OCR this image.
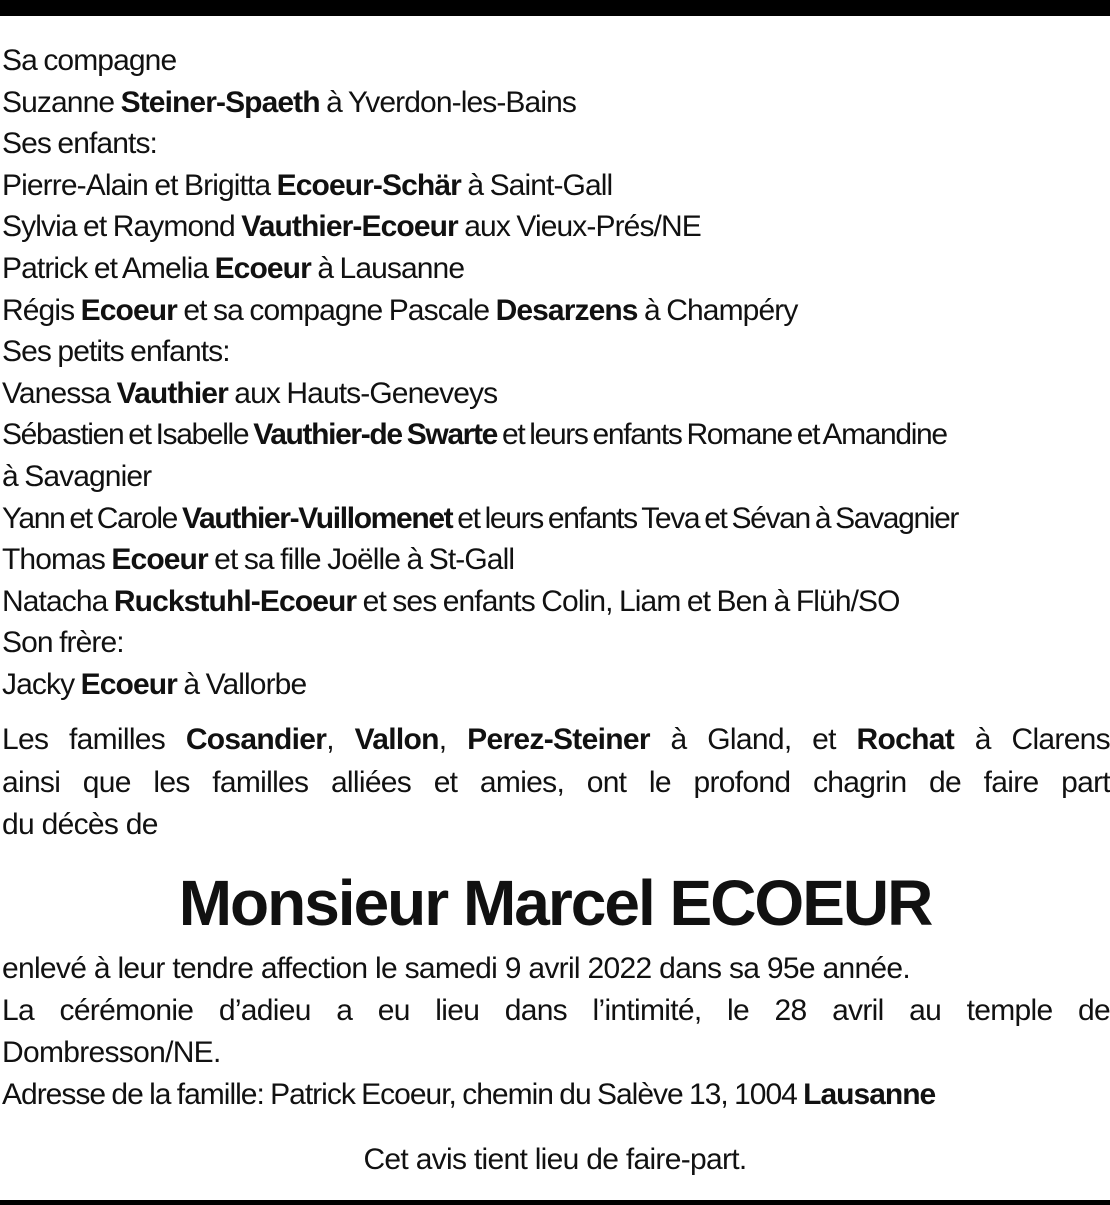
Sa compagne
Suzanne Steiner-Spaeth à Yverdon-les-Bains
Ses enfants:
Pierre-Alain et Brigitta Ecoeur-Schär à Saint-Gall
Sylvia et Raymond Vauthier-Ecoeur aux Vieux-Prés/NE
Patrick et Amelia Ecoeur à Lausanne
Régis Ecoeur et sa compagne Pascale Desarzens à Champéry
Ses petits enfants:
Vanessa Vauthier aux Hauts-Geneveys
Sébastien et Isabelle Vauthier-de Swarte et leurs enfants Romane et Amandine
à Savagnier
Yann et Carole Vauthier-Vuillomenet et leurs enfants Teva et Sévan à Savagnier
Thomas Ecoeur et sa fille Joëlle à St-Gall
Natacha Ruckstuhl-Ecoeur et ses enfants Colin, Liam et Ben à Flüh/SO
Son frère:
Jacky Ecoeur à Vallorbe
Les familles Cosandier, Vallon, Perez-Steiner à Gland, et Rochat à Clarens
ainsi que les familles alliées et amies, ont le profond chagrin de faire part
du décès de
Monsieur Marcel ECOEUR
enlevé à leur tendre affection le samedi 9 avril 2022 dans sa 95e année.
La cérémonie d’adieu a eu lieu dans l’intimité, le 28 avril au temple de
Dombresson/NE.
Adresse de la famille: Patrick Ecoeur, chemin du Salève 13, 1004 Lausanne
Cet avis tient lieu de faire-part.
